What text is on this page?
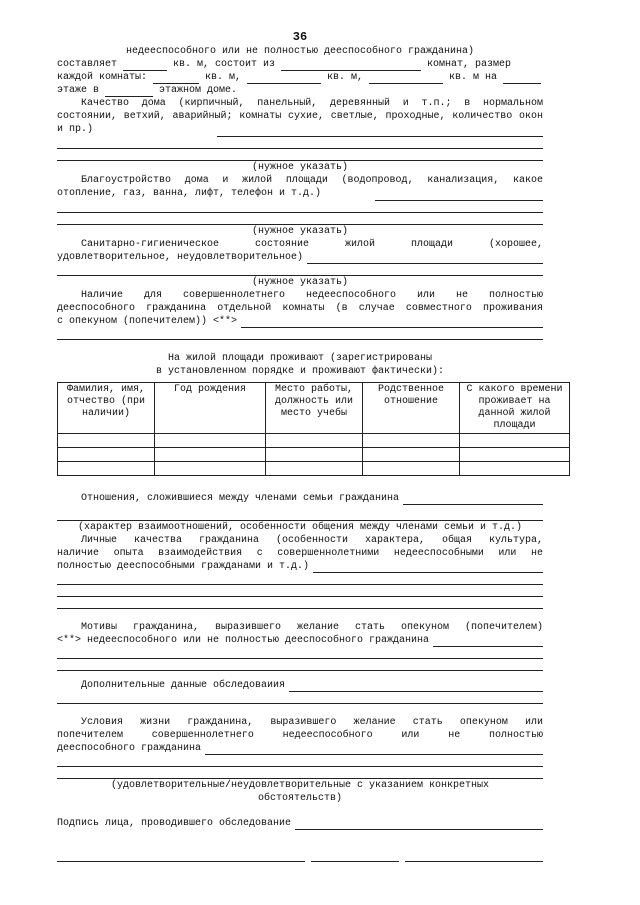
36
недееспособного или не полностью дееспособного гражданина)
составляет	кв. м, состоит из	комнат, размер
каждой комнаты:	кв. м,	кв. м,	кв. м на
этаже в	этажном доме.
Качество дома (кирпичный, панельный, деревянный и т.п.; в нормальном состоянии, ветхий, аварийный; комнаты сухие, светлые, проходные, количество окон и пр.)
(нужное указать)
Благоустройство дома и жилой площади (водопровод, канализация, какое отопление, газ, ванна, лифт, телефон и т.д.)
(нужное указать)
Санитарно-гигиеническое состояние жилой площади (хорошее,
удовлетворительное, неудовлетворительное)
(нужное указать)
Наличие для совершеннолетнего недееспособного или не полностью
дееспособного гражданина отдельной комнаты (в случае совместного проживания
с опекуном (попечителем)) <**>
На жилой площади проживают (зарегистрированы
в установленном порядке и проживают фактически):
Фамилия, имя, отчество (при наличии)	Год рождения	Место работы, должность или место учебы	Родственное отношение	С какого времени проживает на данной жилой площади

Отношения, сложившиеся между членами семьи гражданина
(характер взаимоотношений, особенности общения между членами семьи и т.д.)
Личные качества гражданина (особенности характера, общая культура,
наличие опыта взаимодействия с совершеннолетними недееспособными или не
полностью дееспособными гражданами и т.д.)
Мотивы гражданина, выразившего желание стать опекуном (попечителем)
<**> недееспособного или не полностью дееспособного гражданина
Дополнительные данные обследоваиия
Условия жизни гражданина, выразившего желание стать опекуном или
попечителем совершеннолетнего недееспособного или не полностью
дееспособного гражданина
(удовлетворительные/неудовлетворительные с указанием конкретных
обстоятельств)
Подпись лица, проводившего обследование
